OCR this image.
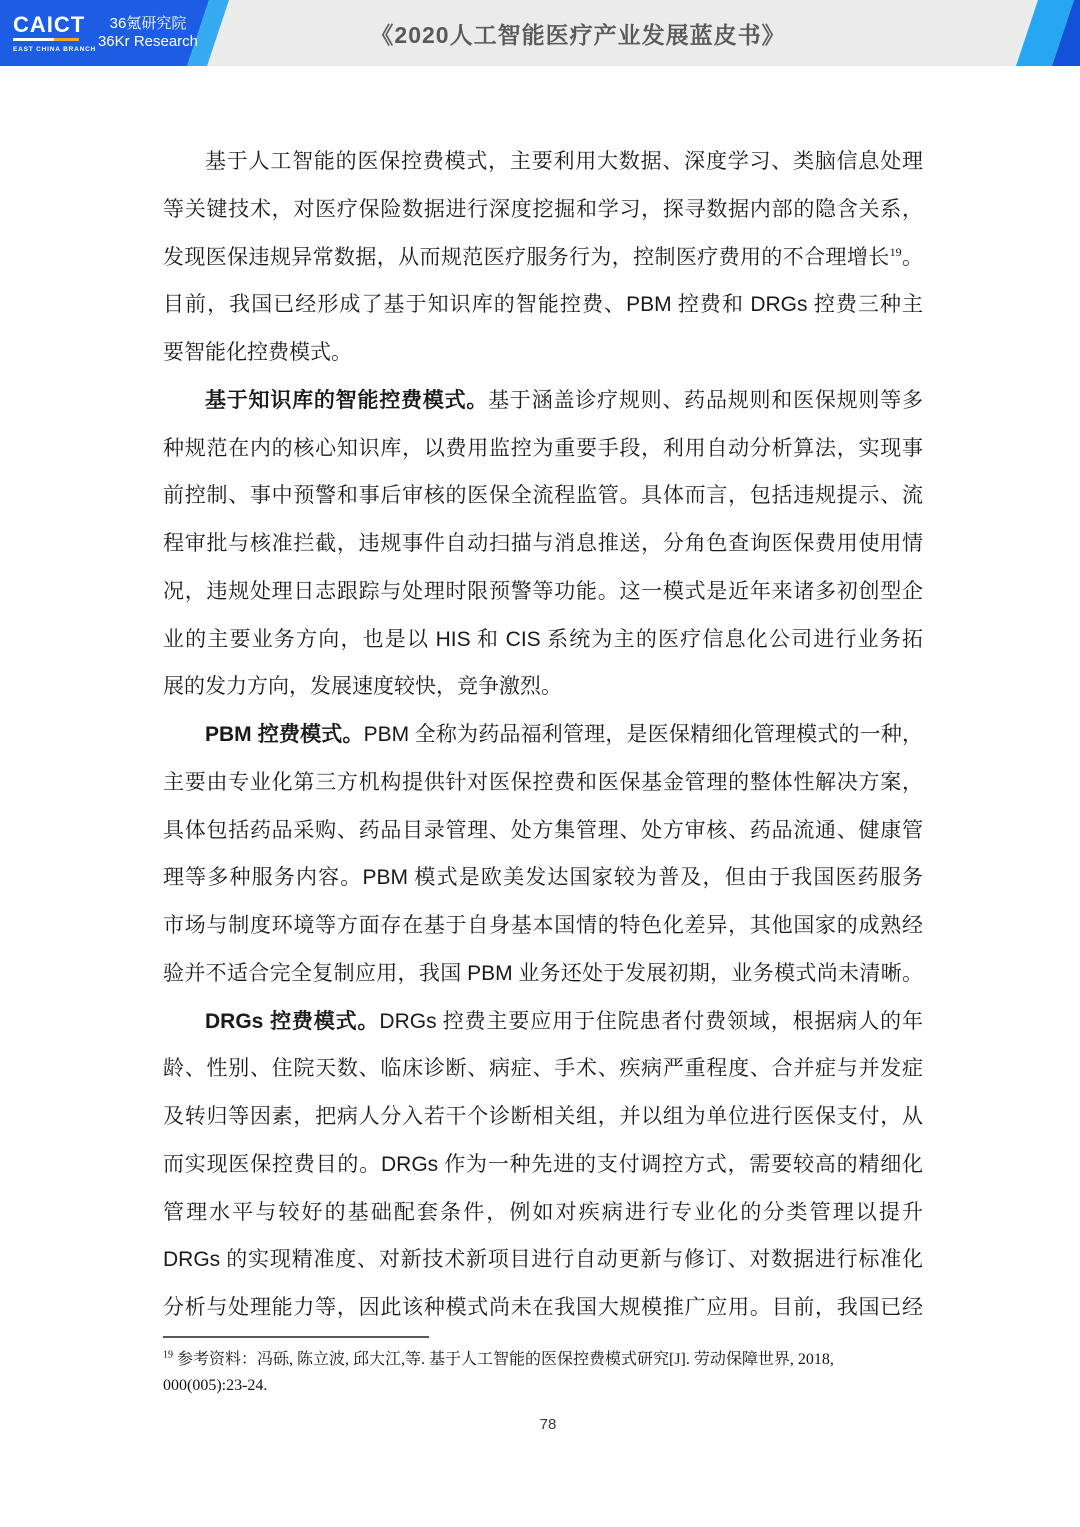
CAICT
EAST CHINA BRANCH
36氪研究院
36Kr Research	《2020人工智能医疗产业发展蓝皮书》
基于人工智能的医保控费模式，主要利用大数据、深度学习、类脑信息处理
等关键技术，对医疗保险数据进行深度挖掘和学习，探寻数据内部的隐含关系，
发现医保违规异常数据，从而规范医疗服务行为，控制医疗费用的不合理增长$^{19}$。
目前，我国已经形成了基于知识库的智能控费、PBM 控费和 DRGs 控费三种主
要智能化控费模式。
基于知识库的智能控费模式。基于涵盖诊疗规则、药品规则和医保规则等多
种规范在内的核心知识库，以费用监控为重要手段，利用自动分析算法，实现事
前控制、事中预警和事后审核的医保全流程监管。具体而言，包括违规提示、流
程审批与核准拦截，违规事件自动扫描与消息推送，分角色查询医保费用使用情
况，违规处理日志跟踪与处理时限预警等功能。这一模式是近年来诸多初创型企
业的主要业务方向，也是以 HIS 和 CIS 系统为主的医疗信息化公司进行业务拓
展的发力方向，发展速度较快，竞争激烈。
PBM 控费模式。PBM 全称为药品福利管理，是医保精细化管理模式的一种，
主要由专业化第三方机构提供针对医保控费和医保基金管理的整体性解决方案，
具体包括药品采购、药品目录管理、处方集管理、处方审核、药品流通、健康管
理等多种服务内容。PBM 模式是欧美发达国家较为普及，但由于我国医药服务
市场与制度环境等方面存在基于自身基本国情的特色化差异，其他国家的成熟经
验并不适合完全复制应用，我国 PBM 业务还处于发展初期，业务模式尚未清晰。
DRGs 控费模式。DRGs 控费主要应用于住院患者付费领域，根据病人的年
龄、性别、住院天数、临床诊断、病症、手术、疾病严重程度、合并症与并发症
及转归等因素，把病人分入若干个诊断相关组，并以组为单位进行医保支付，从
而实现医保控费目的。DRGs 作为一种先进的支付调控方式，需要较高的精细化
管理水平与较好的基础配套条件，例如对疾病进行专业化的分类管理以提升
DRGs 的实现精准度、对新技术新项目进行自动更新与修订、对数据进行标准化
分析与处理能力等，因此该种模式尚未在我国大规模推广应用。目前，我国已经
$^{19}$ 参考资料：冯砾, 陈立波, 邱大江,等. 基于人工智能的医保控费模式研究[J]. 劳动保障世界, 2018,
000(005):23-24.
78
